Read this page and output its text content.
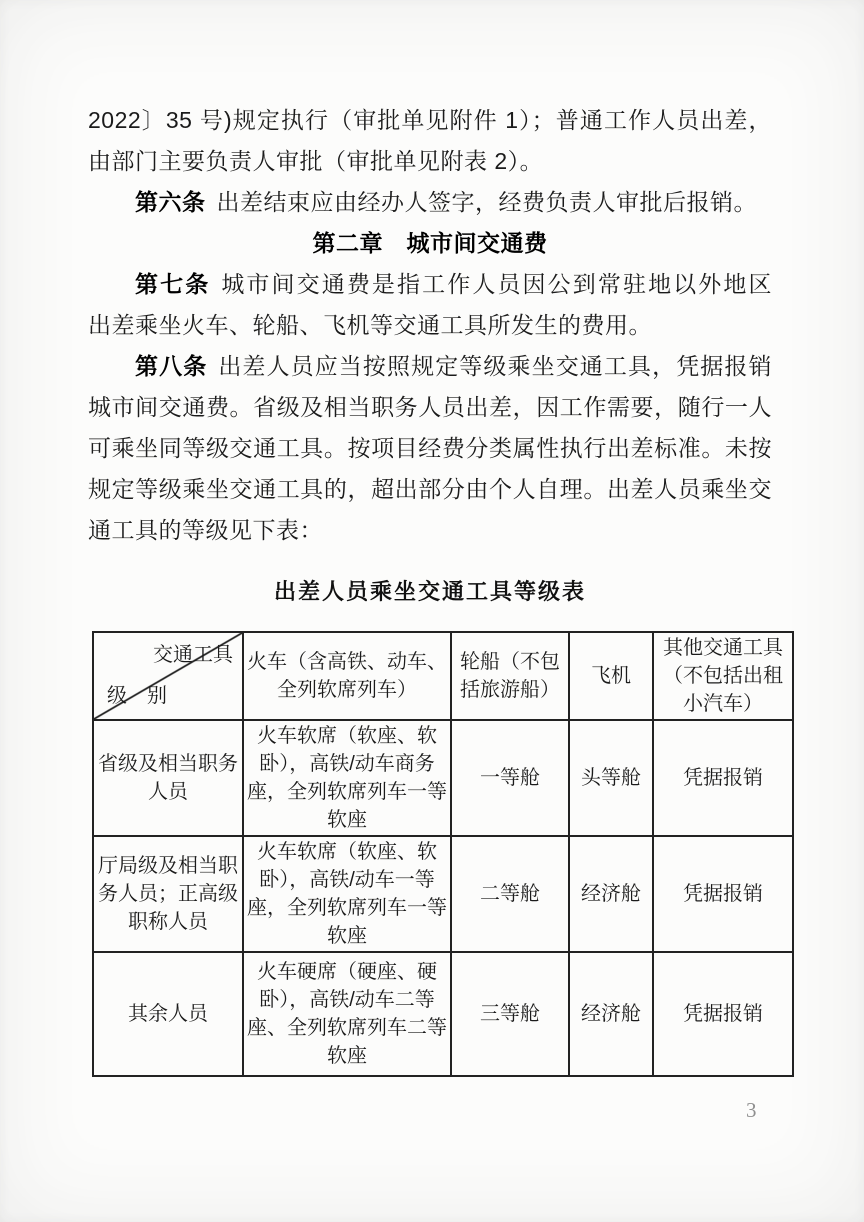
2022〕35 号)规定执行（审批单见附件 1）；普通工作人员出差，
由部门主要负责人审批（审批单见附表 2）。
第六条 出差结束应由经办人签字，经费负责人审批后报销。
第二章　城市间交通费
第七条 城市间交通费是指工作人员因公到常驻地以外地区
出差乘坐火车、轮船、飞机等交通工具所发生的费用。
第八条 出差人员应当按照规定等级乘坐交通工具，凭据报销
城市间交通费。省级及相当职务人员出差，因工作需要，随行一人
可乘坐同等级交通工具。按项目经费分类属性执行出差标准。未按
规定等级乘坐交通工具的，超出部分由个人自理。出差人员乘坐交
通工具的等级见下表：
出差人员乘坐交通工具等级表
交通工具
级　别	火车（含高铁、动车、全列软席列车）	轮船（不包括旅游船）	飞机	其他交通工具（不包括出租小汽车）
省级及相当职务人员	火车软席（软座、软卧），高铁/动车商务座，全列软席列车一等软座	一等舱	头等舱	凭据报销
厅局级及相当职务人员；正高级职称人员	火车软席（软座、软卧），高铁/动车一等座，全列软席列车一等软座	二等舱	经济舱	凭据报销
其余人员	火车硬席（硬座、硬卧），高铁/动车二等座、全列软席列车二等软座	三等舱	经济舱	凭据报销
3
